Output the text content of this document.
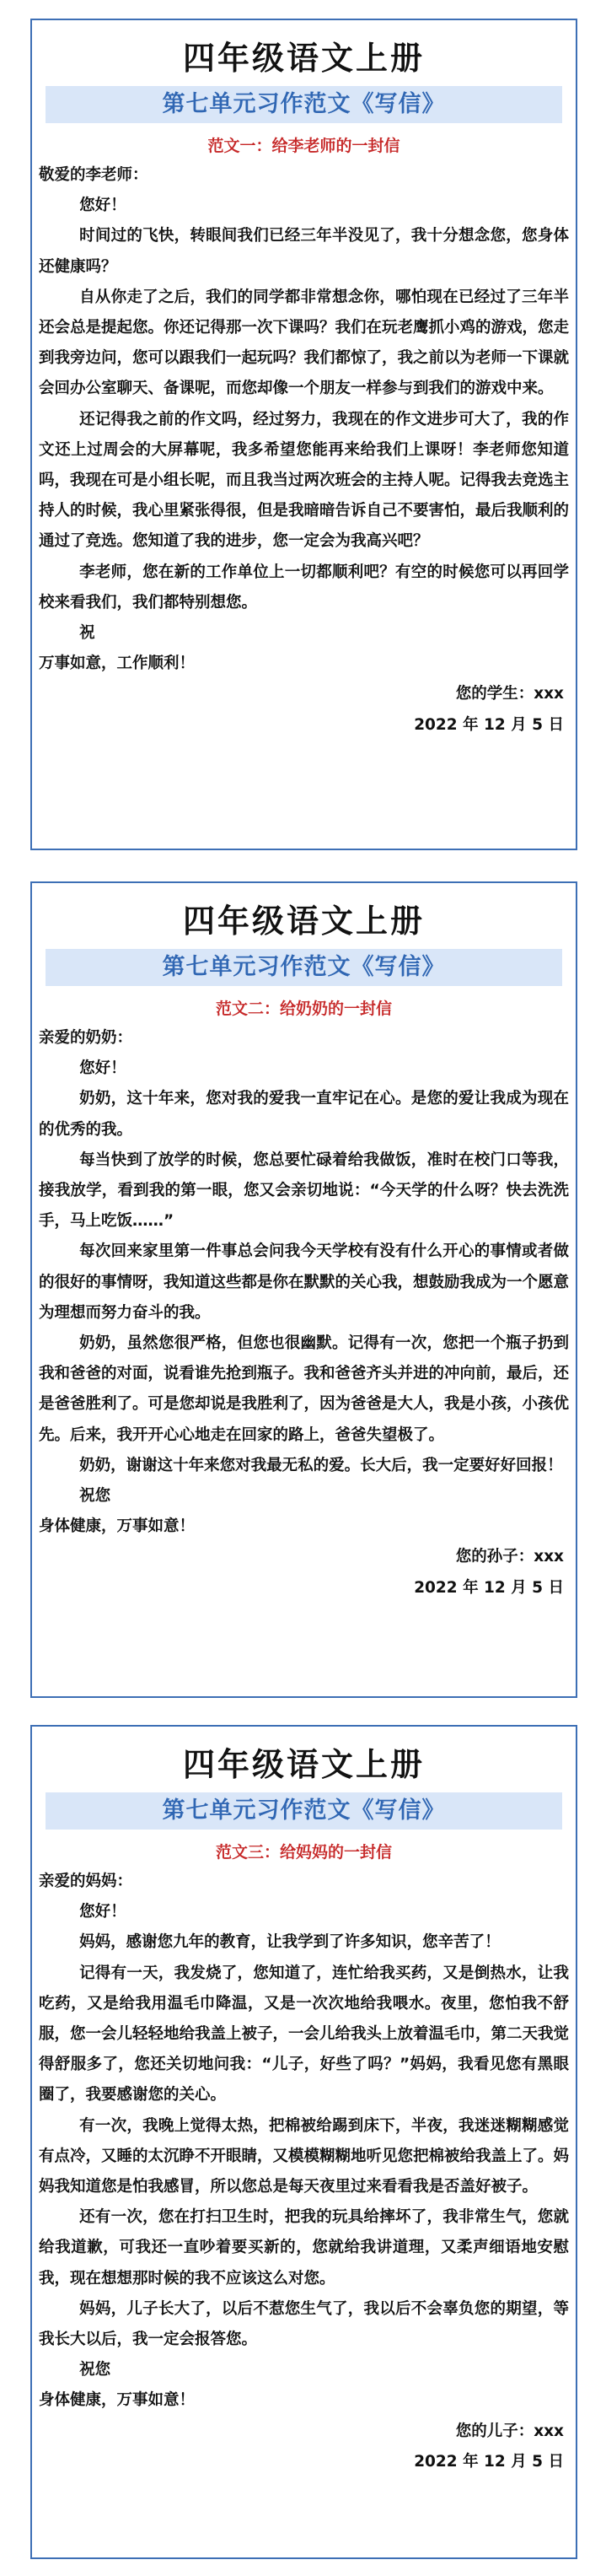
四年级语文上册
第七单元习作范文《写信》
范文一：给李老师的一封信

敬爱的李老师：

您好！

时间过的飞快，转眼间我们已经三年半没见了，我十分想念您，您身体还健康吗？

自从你走了之后，我们的同学都非常想念你，哪怕现在已经过了三年半还会总是提起您。你还记得那一次下课吗？我们在玩老鹰抓小鸡的游戏，您走到我旁边问，您可以跟我们一起玩吗？我们都惊了，我之前以为老师一下课就会回办公室聊天、备课呢，而您却像一个朋友一样参与到我们的游戏中来。

还记得我之前的作文吗，经过努力，我现在的作文进步可大了，我的作文还上过周会的大屏幕呢，我多希望您能再来给我们上课呀！李老师您知道吗，我现在可是小组长呢，而且我当过两次班会的主持人呢。记得我去竞选主持人的时候，我心里紧张得很，但是我暗暗告诉自己不要害怕，最后我顺利的通过了竞选。您知道了我的进步，您一定会为我高兴吧？

李老师，您在新的工作单位上一切都顺利吧？有空的时候您可以再回学校来看我们，我们都特别想您。

祝

万事如意，工作顺利！

您的学生：xxx

2022 年 12 月 5 日

四年级语文上册
第七单元习作范文《写信》
范文二：给奶奶的一封信

亲爱的奶奶：

您好！

奶奶，这十年来，您对我的爱我一直牢记在心。是您的爱让我成为现在的优秀的我。

每当快到了放学的时候，您总要忙碌着给我做饭，准时在校门口等我，接我放学，看到我的第一眼，您又会亲切地说：“今天学的什么呀？快去洗洗手，马上吃饭……”

每次回来家里第一件事总会问我今天学校有没有什么开心的事情或者做的很好的事情呀，我知道这些都是你在默默的关心我，想鼓励我成为一个愿意为理想而努力奋斗的我。

奶奶，虽然您很严格，但您也很幽默。记得有一次，您把一个瓶子扔到我和爸爸的对面，说看谁先抢到瓶子。我和爸爸齐头并进的冲向前，最后，还是爸爸胜利了。可是您却说是我胜利了，因为爸爸是大人，我是小孩，小孩优先。后来，我开开心心地走在回家的路上，爸爸失望极了。

奶奶，谢谢这十年来您对我最无私的爱。长大后，我一定要好好回报！

祝您

身体健康，万事如意！

您的孙子：xxx

2022 年 12 月 5 日

四年级语文上册
第七单元习作范文《写信》
范文三：给妈妈的一封信

亲爱的妈妈：

您好！

妈妈，感谢您九年的教育，让我学到了许多知识，您辛苦了！

记得有一天，我发烧了，您知道了，连忙给我买药，又是倒热水，让我吃药，又是给我用温毛巾降温，又是一次次地给我喂水。夜里，您怕我不舒服，您一会儿轻轻地给我盖上被子，一会儿给我头上放着温毛巾，第二天我觉得舒服多了，您还关切地问我：“儿子，好些了吗？”妈妈，我看见您有黑眼圈了，我要感谢您的关心。

有一次，我晚上觉得太热，把棉被给踢到床下，半夜，我迷迷糊糊感觉有点冷，又睡的太沉睁不开眼睛，又模模糊糊地听见您把棉被给我盖上了。妈妈我知道您是怕我感冒，所以您总是每天夜里过来看看我是否盖好被子。

还有一次，您在打扫卫生时，把我的玩具给摔坏了，我非常生气，您就给我道歉，可我还一直吵着要买新的，您就给我讲道理，又柔声细语地安慰我，现在想想那时候的我不应该这么对您。

妈妈，儿子长大了，以后不惹您生气了，我以后不会辜负您的期望，等我长大以后，我一定会报答您。

祝您

身体健康，万事如意！

您的儿子：xxx

2022 年 12 月 5 日
